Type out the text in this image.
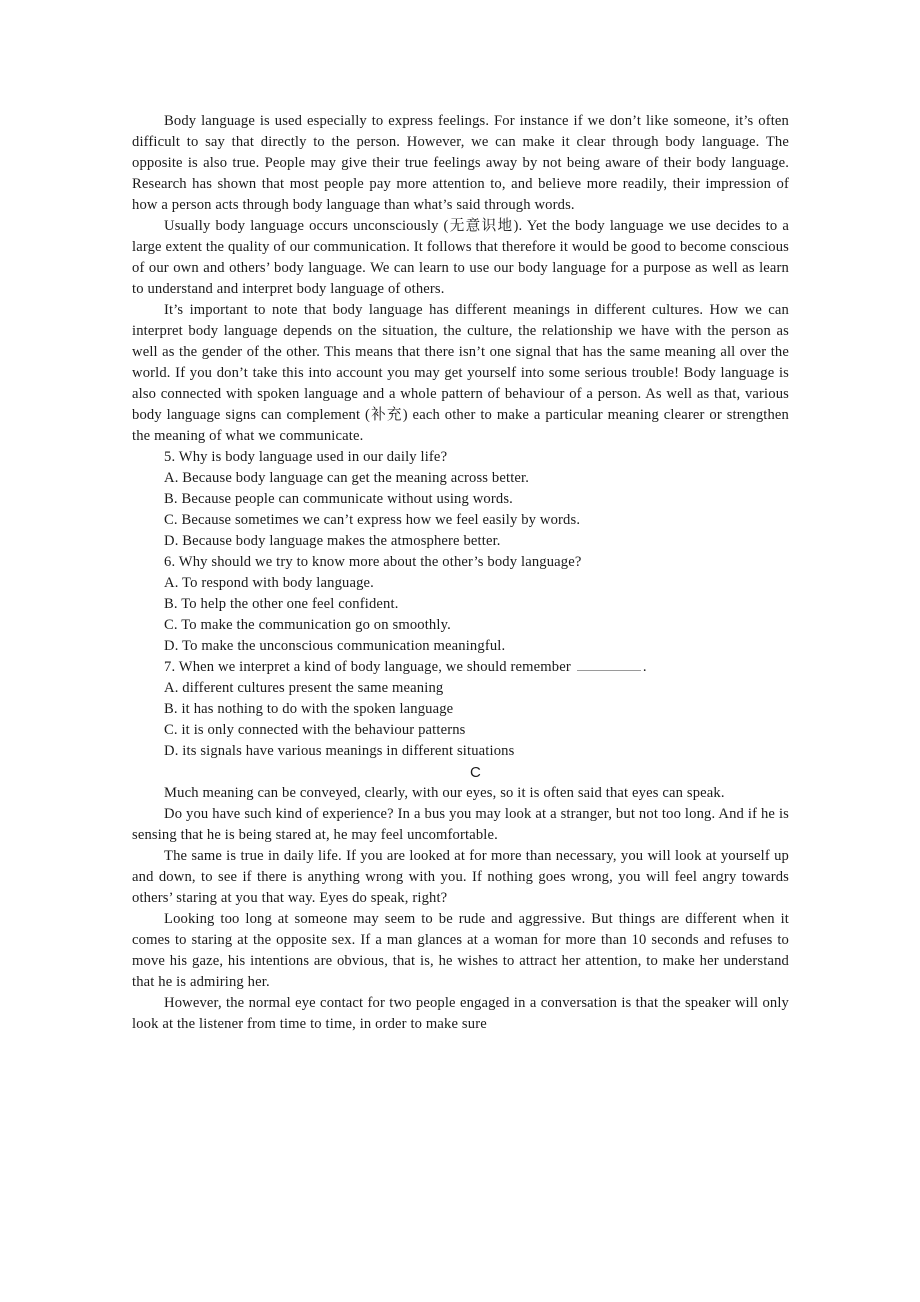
Body language is used especially to express feelings. For instance if we don’t like someone, it’s often difficult to say that directly to the person. However, we can make it clear through body language. The opposite is also true. People may give their true feelings away by not being aware of their body language. Research has shown that most people pay more attention to, and believe more readily, their impression of how a person acts through body language than what’s said through words.

Usually body language occurs unconsciously (无意识地). Yet the body language we use decides to a large extent the quality of our communication. It follows that therefore it would be good to become conscious of our own and others’ body language. We can learn to use our body language for a purpose as well as learn to understand and interpret body language of others.

It’s important to note that body language has different meanings in different cultures. How we can interpret body language depends on the situation, the culture, the relationship we have with the person as well as the gender of the other. This means that there isn’t one signal that has the same meaning all over the world. If you don’t take this into account you may get yourself into some serious trouble! Body language is also connected with spoken language and a whole pattern of behaviour of a person. As well as that, various body language signs can complement (补充) each other to make a particular meaning clearer or strengthen the meaning of what we communicate.

5. Why is body language used in our daily life?

A. Because body language can get the meaning across better.

B. Because people can communicate without using words.

C. Because sometimes we can’t express how we feel easily by words.

D. Because body language makes the atmosphere better.

6. Why should we try to know more about the other’s body language?

A. To respond with body language.

B. To help the other one feel confident.

C. To make the communication go on smoothly.

D. To make the unconscious communication meaningful.

7. When we interpret a kind of body language, we should remember	.

A. different cultures present the same meaning

B. it has nothing to do with the spoken language

C. it is only connected with the behaviour patterns

D. its signals have various meanings in different situations

C

Much meaning can be conveyed, clearly, with our eyes, so it is often said that eyes can speak.

Do you have such kind of experience? In a bus you may look at a stranger, but not too long. And if he is sensing that he is being stared at, he may feel uncomfortable.

The same is true in daily life. If you are looked at for more than necessary, you will look at yourself up and down, to see if there is anything wrong with you. If nothing goes wrong, you will feel angry towards others’ staring at you that way. Eyes do speak, right?

Looking too long at someone may seem to be rude and aggressive. But things are different when it comes to staring at the opposite sex. If a man glances at a woman for more than 10 seconds and refuses to move his gaze, his intentions are obvious, that is, he wishes to attract her attention, to make her understand that he is admiring her.

However, the normal eye contact for two people engaged in a conversation is that the speaker will only look at the listener from time to time, in order to make sure
